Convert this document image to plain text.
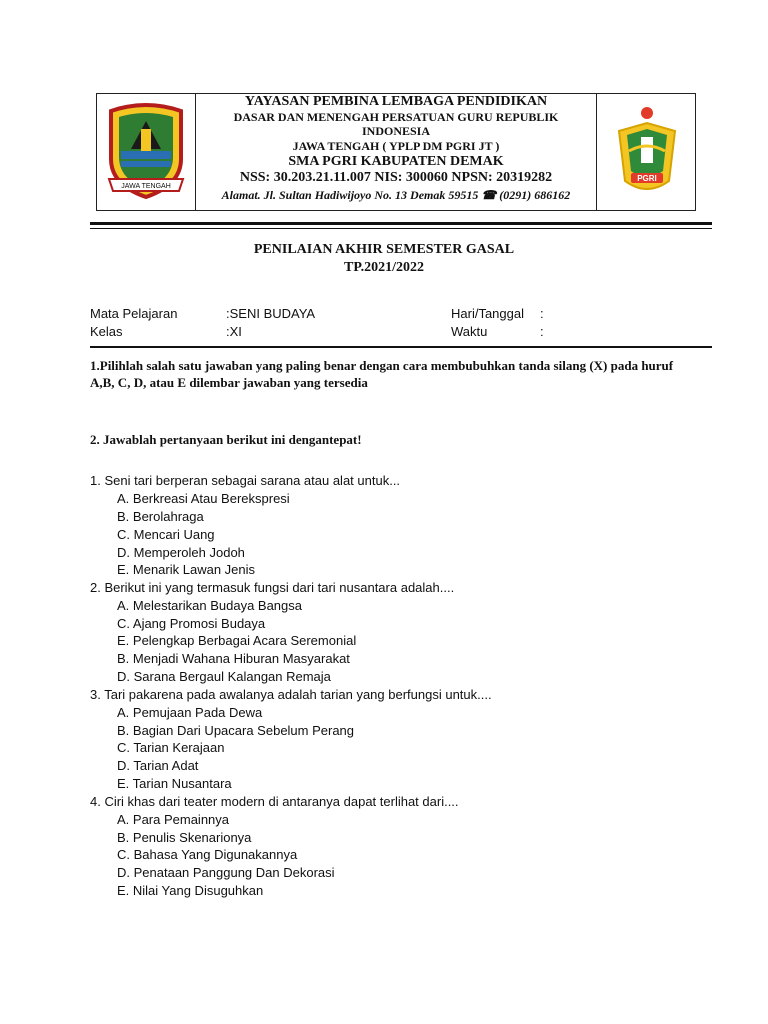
JAWA TENGAH
PGRI
YAYASAN PEMBINA LEMBAGA PENDIDIKAN
DASAR DAN MENENGAH PERSATUAN GURU REPUBLIK
INDONESIA
JAWA TENGAH ( YPLP DM PGRI JT )
SMA PGRI KABUPATEN DEMAK
NSS: 30.203.21.11.007 NIS: 300060 NPSN: 20319282
Alamat. Jl. Sultan Hadiwijoyo No. 13 Demak 59515 ☎ (0291) 686162
PENILAIAN AKHIR SEMESTER GASAL
TP.2021/2022
Mata Pelajaran	:SENI BUDAYA	Hari/Tanggal :
Kelas	:XI	Waktu	:
1.Pilihlah salah satu jawaban yang paling benar dengan cara membubuhkan tanda silang (X) pada huruf A,B, C, D, atau E dilembar jawaban yang tersedia
2. Jawablah pertanyaan berikut ini dengantepat!
1. Seni tari berperan sebagai sarana atau alat untuk...
A. Berkreasi Atau Berekspresi
B. Berolahraga
C. Mencari Uang
D. Memperoleh Jodoh
E. Menarik Lawan Jenis
2. Berikut ini yang termasuk fungsi dari tari nusantara adalah....
A. Melestarikan Budaya Bangsa
C. Ajang Promosi Budaya
E. Pelengkap Berbagai Acara Seremonial
B. Menjadi Wahana Hiburan Masyarakat
D. Sarana Bergaul Kalangan Remaja
3. Tari pakarena pada awalanya adalah tarian yang berfungsi untuk....
A. Pemujaan Pada Dewa
B. Bagian Dari Upacara Sebelum Perang
C. Tarian Kerajaan
D. Tarian Adat
E. Tarian Nusantara
4. Ciri khas dari teater modern di antaranya dapat terlihat dari....
A. Para Pemainnya
B. Penulis Skenarionya
C. Bahasa Yang Digunakannya
D. Penataan Panggung Dan Dekorasi
E. Nilai Yang Disuguhkan
